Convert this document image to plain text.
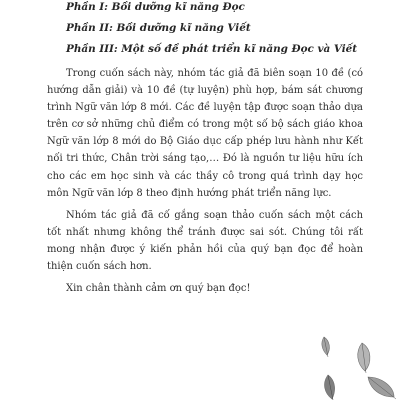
Phần I: Bồi dưỡng kĩ năng Đọc
Phần II: Bồi dưỡng kĩ năng Viết
Phần III: Một số đề phát triển kĩ năng Đọc và Viết

Trong cuốn sách này, nhóm tác giả đã biên soạn 10 đề (có hướng dẫn giải) và 10 đề (tự luyện) phù hợp, bám sát chương trình Ngữ văn lớp 8 mới. Các đề luyện tập được soạn thảo dựa trên cơ sở những chủ điểm có trong một số bộ sách giáo khoa Ngữ văn lớp 8 mới do Bộ Giáo dục cấp phép lưu hành như Kết nối tri thức, Chân trời sáng tạo,… Đó là nguồn tư liệu hữu ích cho các em học sinh và các thầy cô trong quá trình dạy học môn Ngữ văn lớp 8 theo định hướng phát triển năng lực.

Nhóm tác giả đã cố gắng soạn thảo cuốn sách một cách tốt nhất nhưng không thể tránh được sai sót. Chúng tôi rất mong nhận được ý kiến phản hồi của quý bạn đọc để hoàn thiện cuốn sách hơn.

Xin chân thành cảm ơn quý bạn đọc!
